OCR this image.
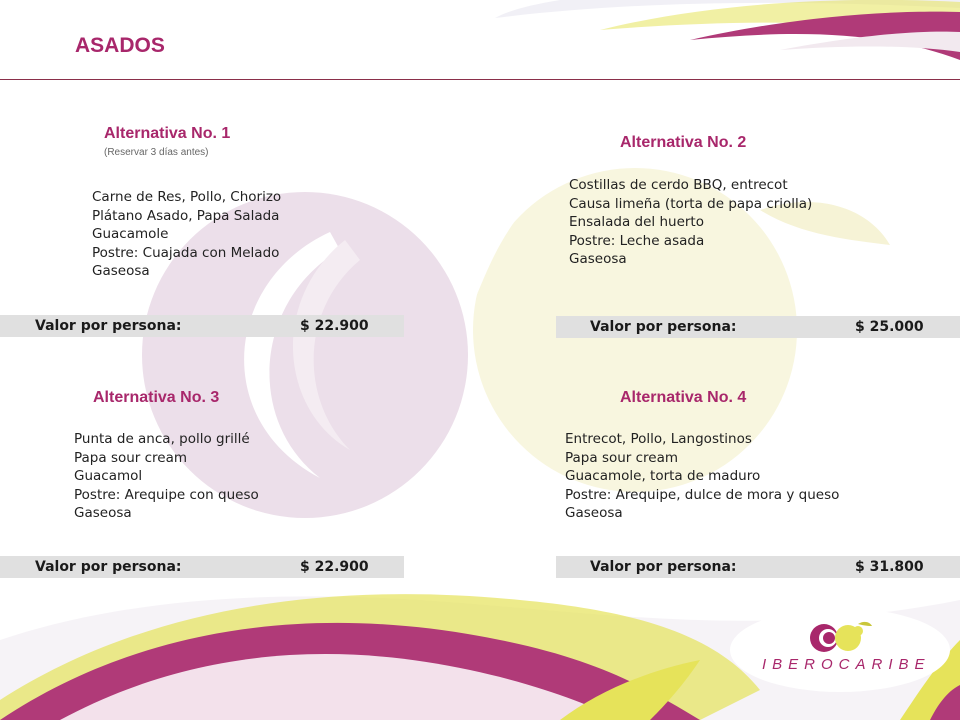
ASADOS
Alternativa No. 1
(Reservar 3 días antes)
Carne de Res, Pollo, Chorizo
Plátano Asado, Papa Salada
Guacamole
Postre: Cuajada con Melado
Gaseosa
Valor por persona:	$ 22.900
Alternativa No. 2
Costillas de cerdo BBQ, entrecot
Causa limeña (torta de papa criolla)
Ensalada del huerto
Postre: Leche asada
Gaseosa
Valor por persona:	$ 25.000
Alternativa No. 3
Punta de anca, pollo grillé
Papa sour cream
Guacamol
Postre: Arequipe con queso
Gaseosa
Valor por persona:	$ 22.900
Alternativa No. 4
Entrecot, Pollo, Langostinos
Papa sour cream
Guacamole, torta de maduro
Postre: Arequipe, dulce de mora y queso
Gaseosa
Valor por persona:	$ 31.800
IBEROCARIBE
